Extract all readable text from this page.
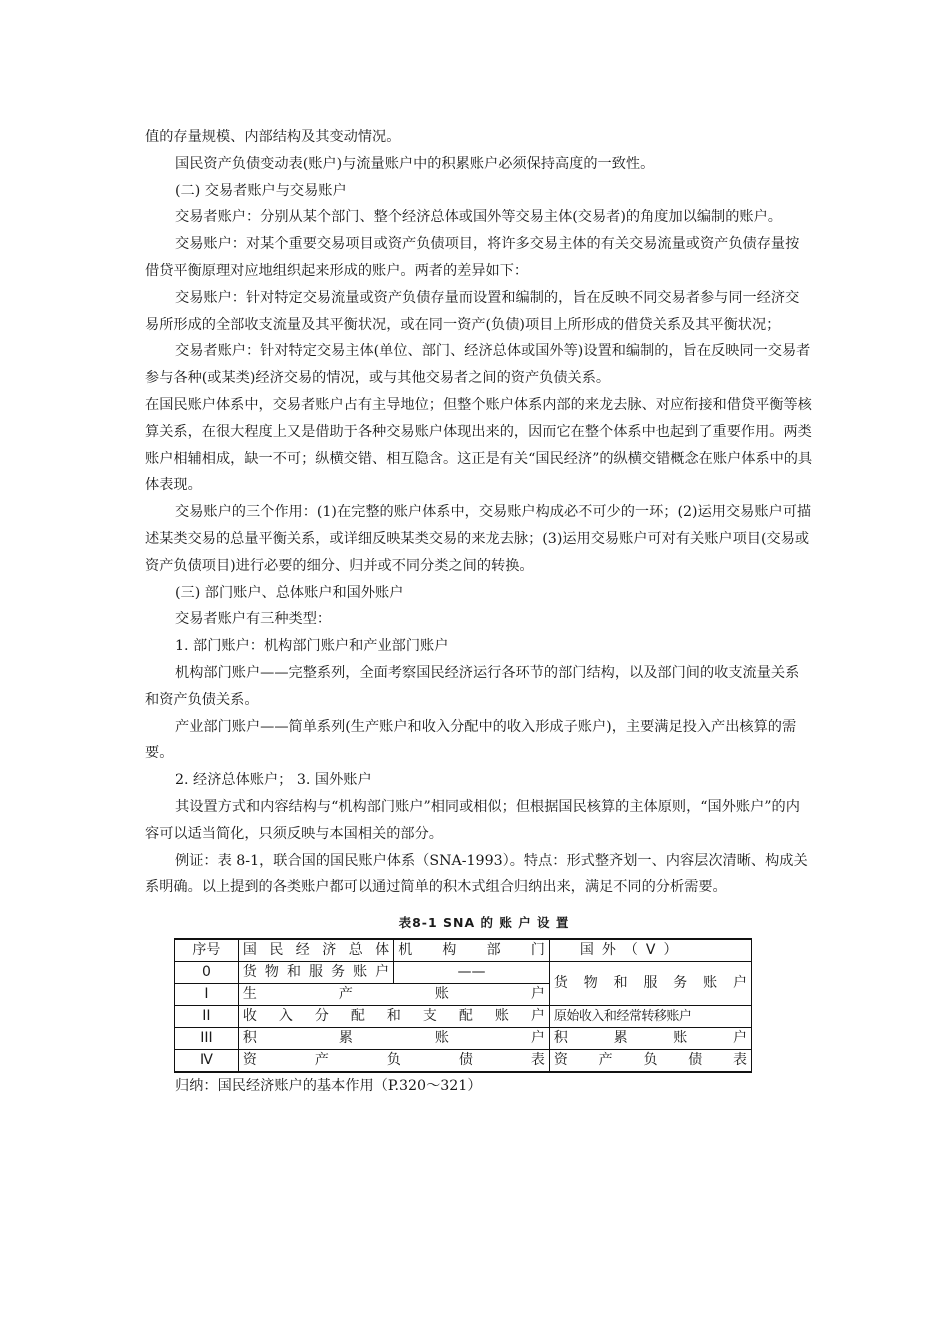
值的存量规模、内部结构及其变动情况。

国民资产负债变动表(账户)与流量账户中的积累账户必须保持高度的一致性。

(二) 交易者账户与交易账户

交易者账户：分别从某个部门、整个经济总体或国外等交易主体(交易者)的角度加以编制的账户。

交易账户：对某个重要交易项目或资产负债项目，将许多交易主体的有关交易流量或资产负债存量按借贷平衡原理对应地组织起来形成的账户。两者的差异如下：

交易账户：针对特定交易流量或资产负债存量而设置和编制的，旨在反映不同交易者参与同一经济交易所形成的全部收支流量及其平衡状况，或在同一资产(负债)项目上所形成的借贷关系及其平衡状况；

交易者账户：针对特定交易主体(单位、部门、经济总体或国外等)设置和编制的，旨在反映同一交易者参与各种(或某类)经济交易的情况，或与其他交易者之间的资产负债关系。

在国民账户体系中，交易者账户占有主导地位；但整个账户体系内部的来龙去脉、对应衔接和借贷平衡等核算关系，在很大程度上又是借助于各种交易账户体现出来的，因而它在整个体系中也起到了重要作用。两类账户相辅相成，缺一不可；纵横交错、相互隐含。这正是有关“国民经济”的纵横交错概念在账户体系中的具体表现。

交易账户的三个作用：(1)在完整的账户体系中，交易账户构成必不可少的一环；(2)运用交易账户可描述某类交易的总量平衡关系，或详细反映某类交易的来龙去脉；(3)运用交易账户可对有关账户项目(交易或资产负债项目)进行必要的细分、归并或不同分类之间的转换。

(三) 部门账户、总体账户和国外账户

交易者账户有三种类型：

1. 部门账户：机构部门账户和产业部门账户

机构部门账户——完整系列，全面考察国民经济运行各环节的部门结构，以及部门间的收支流量关系和资产负债关系。

产业部门账户——简单系列(生产账户和收入分配中的收入形成子账户)，主要满足投入产出核算的需要。

2. 经济总体账户； 3. 国外账户

其设置方式和内容结构与“机构部门账户”相同或相似；但根据国民核算的主体原则，“国外账户”的内容可以适当简化，只须反映与本国相关的部分。

例证：表 8-1，联合国的国民账户体系（SNA-1993）。特点：形式整齐划一、内容层次清晰、构成关系明确。以上提到的各类账户都可以通过简单的积木式组合归纳出来，满足不同的分析需要。

表8-1 SNA 的 账 户 设 置
序号	国民经济总体	机构部门	国外（V）
0	货物和服务账户	——	货物和服务账户
I	生产账户		
II	收入分配和支配账户		原始收入和经常转移账户
III	积累账户		积累账户
Ⅳ	资产负债表		资产负债表

归纳：国民经济账户的基本作用（P.320～321）
